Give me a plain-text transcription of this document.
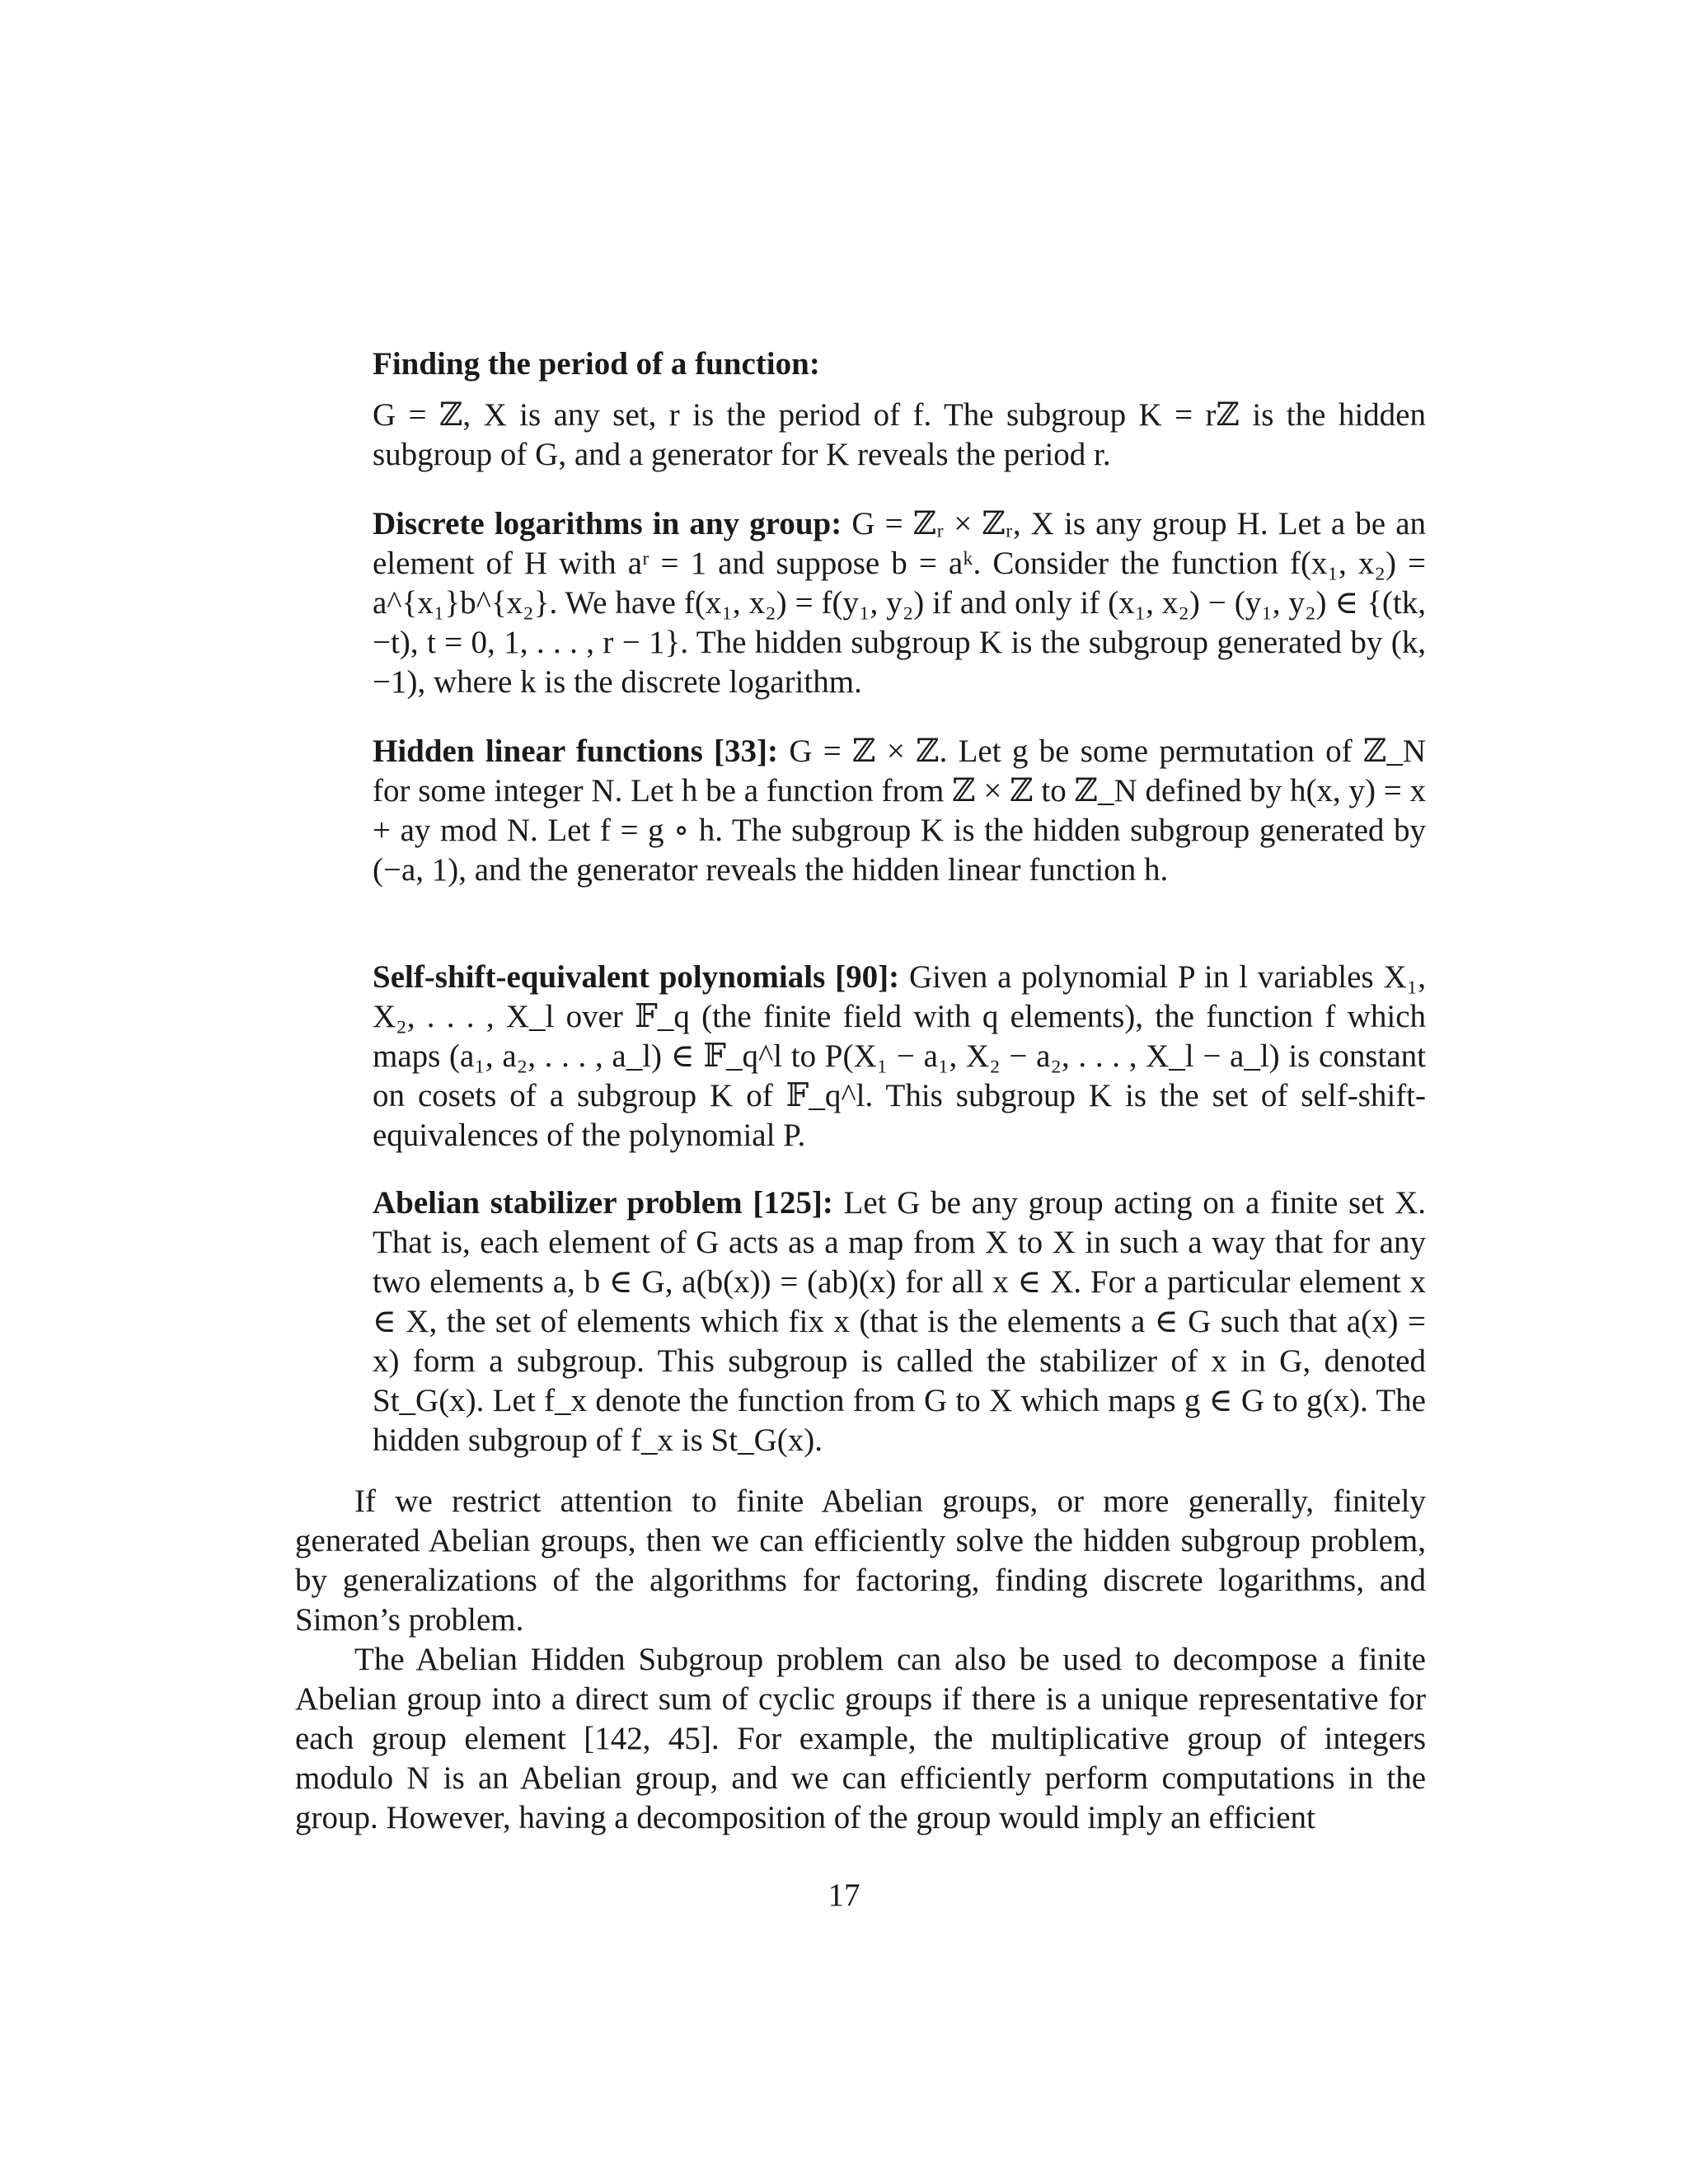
Finding the period of a function:
G = ℤ, X is any set, r is the period of f. The subgroup K = rℤ is the hidden subgroup of G, and a generator for K reveals the period r.
Discrete logarithms in any group: G = ℤᵣ × ℤᵣ, X is any group H. Let a be an element of H with aʳ = 1 and suppose b = aᵏ. Consider the function f(x₁, x₂) = a^{x₁}b^{x₂}. We have f(x₁, x₂) = f(y₁, y₂) if and only if (x₁, x₂) − (y₁, y₂) ∈ {(tk, −t), t = 0, 1, . . . , r − 1}. The hidden subgroup K is the subgroup generated by (k, −1), where k is the discrete logarithm.
Hidden linear functions [33]: G = ℤ × ℤ. Let g be some permutation of ℤ_N for some integer N. Let h be a function from ℤ × ℤ to ℤ_N defined by h(x, y) = x + ay mod N. Let f = g ∘ h. The subgroup K is the hidden subgroup generated by (−a, 1), and the generator reveals the hidden linear function h.
Self-shift-equivalent polynomials [90]: Given a polynomial P in l variables X₁, X₂, . . . , X_l over 𝔽_q (the finite field with q elements), the function f which maps (a₁, a₂, . . . , a_l) ∈ 𝔽_q^l to P(X₁ − a₁, X₂ − a₂, . . . , X_l − a_l) is constant on cosets of a subgroup K of 𝔽_q^l. This subgroup K is the set of self-shift-equivalences of the polynomial P.
Abelian stabilizer problem [125]: Let G be any group acting on a finite set X. That is, each element of G acts as a map from X to X in such a way that for any two elements a, b ∈ G, a(b(x)) = (ab)(x) for all x ∈ X. For a particular element x ∈ X, the set of elements which fix x (that is the elements a ∈ G such that a(x) = x) form a subgroup. This subgroup is called the stabilizer of x in G, denoted St_G(x). Let f_x denote the function from G to X which maps g ∈ G to g(x). The hidden subgroup of f_x is St_G(x).

If we restrict attention to finite Abelian groups, or more generally, finitely generated Abelian groups, then we can efficiently solve the hidden subgroup problem, by generalizations of the algorithms for factoring, finding discrete logarithms, and Simon’s problem.

The Abelian Hidden Subgroup problem can also be used to decompose a finite Abelian group into a direct sum of cyclic groups if there is a unique representative for each group element [142, 45]. For example, the multiplicative group of integers modulo N is an Abelian group, and we can efficiently perform computations in the group. However, having a decomposition of the group would imply an efficient

17
